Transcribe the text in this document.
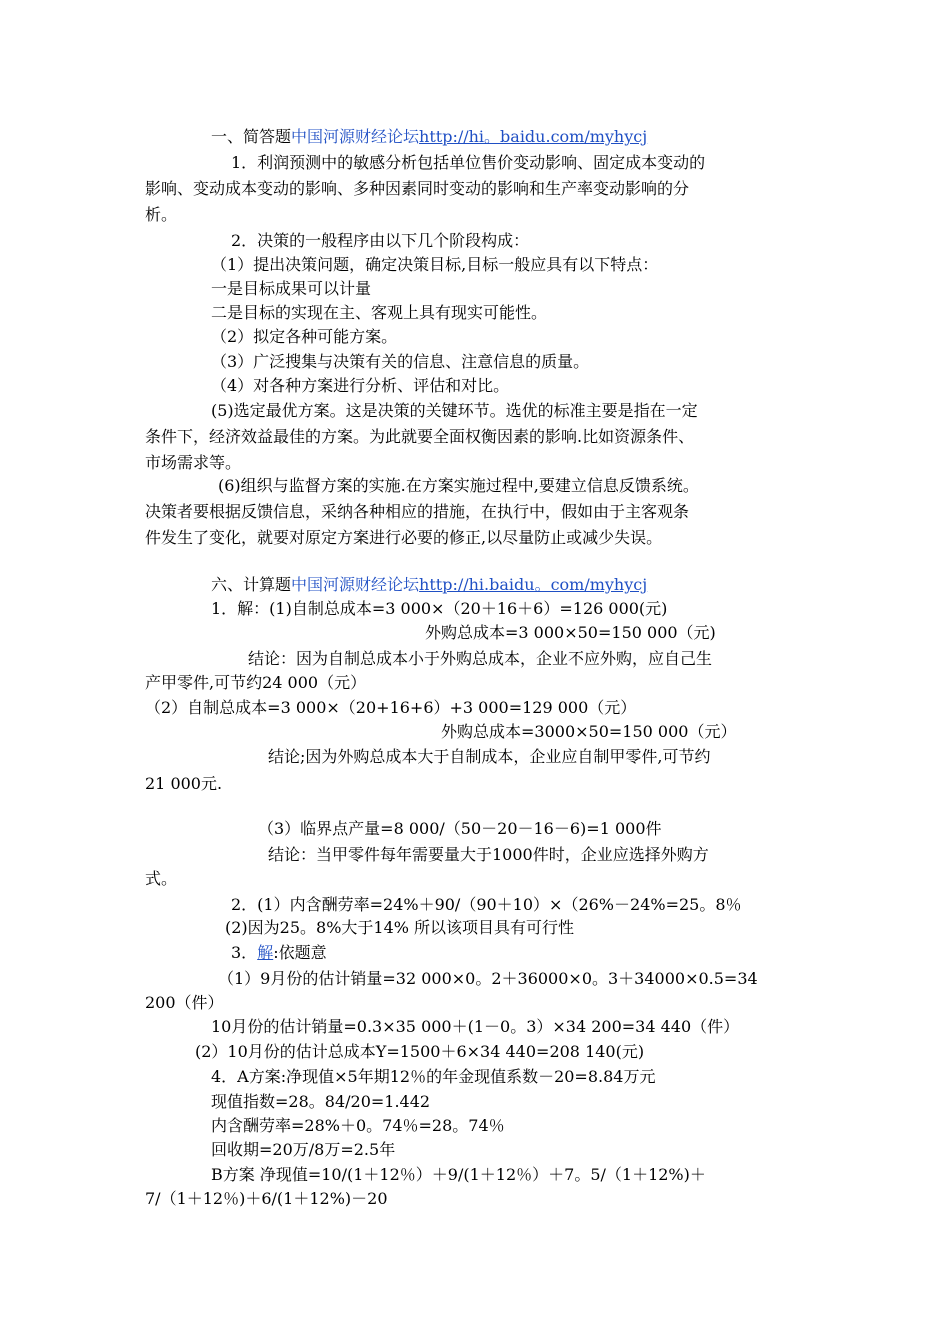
一、简答题中国河源财经论坛http://hi。baidu.com/myhycj
1．利润预测中的敏感分析包括单位售价变动影响、固定成本变动的
影响、变动成本变动的影响、多种因素同时变动的影响和生产率变动影响的分
析。
2．决策的一般程序由以下几个阶段构成：
（1）提出决策问题，确定决策目标,目标一般应具有以下特点：
一是目标成果可以计量
二是目标的实现在主、客观上具有现实可能性。
（2）拟定各种可能方案。
（3）广泛搜集与决策有关的信息、注意信息的质量。
（4）对各种方案进行分析、评估和对比。
(5)选定最优方案。这是决策的关键环节。选优的标准主要是指在一定
条件下，经济效益最佳的方案。为此就要全面权衡因素的影响.比如资源条件、
市场需求等。
(6)组织与监督方案的实施.在方案实施过程中,要建立信息反馈系统。
决策者要根据反馈信息，采纳各种相应的措施，在执行中，假如由于主客观条
件发生了变化，就要对原定方案进行必要的修正,以尽量防止或减少失误。
六、计算题中国河源财经论坛http://hi.baidu。com/myhycj
1．解：(1)自制总成本=3 000×（20＋16＋6）=126 000(元)
外购总成本=3 000×50=150 000（元)
结论：因为自制总成本小于外购总成本，企业不应外购，应自己生
产甲零件,可节约24 000（元）
（2）自制总成本=3 000×（20+16+6）+3 000=129 000（元）
外购总成本=3000×50=150 000（元）
结论;因为外购总成本大于自制成本，企业应自制甲零件,可节约
21 000元.
（3）临界点产量=8 000/（50－20－16－6)=1 000件
结论：当甲零件每年需要量大于1000件时，企业应选择外购方
式。
2．(1）内含酬劳率=24%＋90/（90＋10）×（26%－24%=25。8％
(2)因为25。8%大于14% 所以该项目具有可行性
3．解:依题意
（1）9月份的估计销量=32 000×0。2＋36000×0。3＋34000×0.5=34
200（件）
10月份的估计销量=0.3×35 000＋(1－0。3）×34 200=34 440（件）
(2）10月份的估计总成本Y=1500＋6×34 440=208 140(元)
4．A方案:净现值×5年期12％的年金现值系数－20=8.84万元
现值指数=28。84/20=1.442
内含酬劳率=28%＋0。74％=28。74％
回收期=20万/8万=2.5年
B方案 净现值=10/(1＋12％）＋9/(1＋12％）＋7。5/（1＋12%)＋
7/（1＋12％)＋6/(1＋12%)－20
